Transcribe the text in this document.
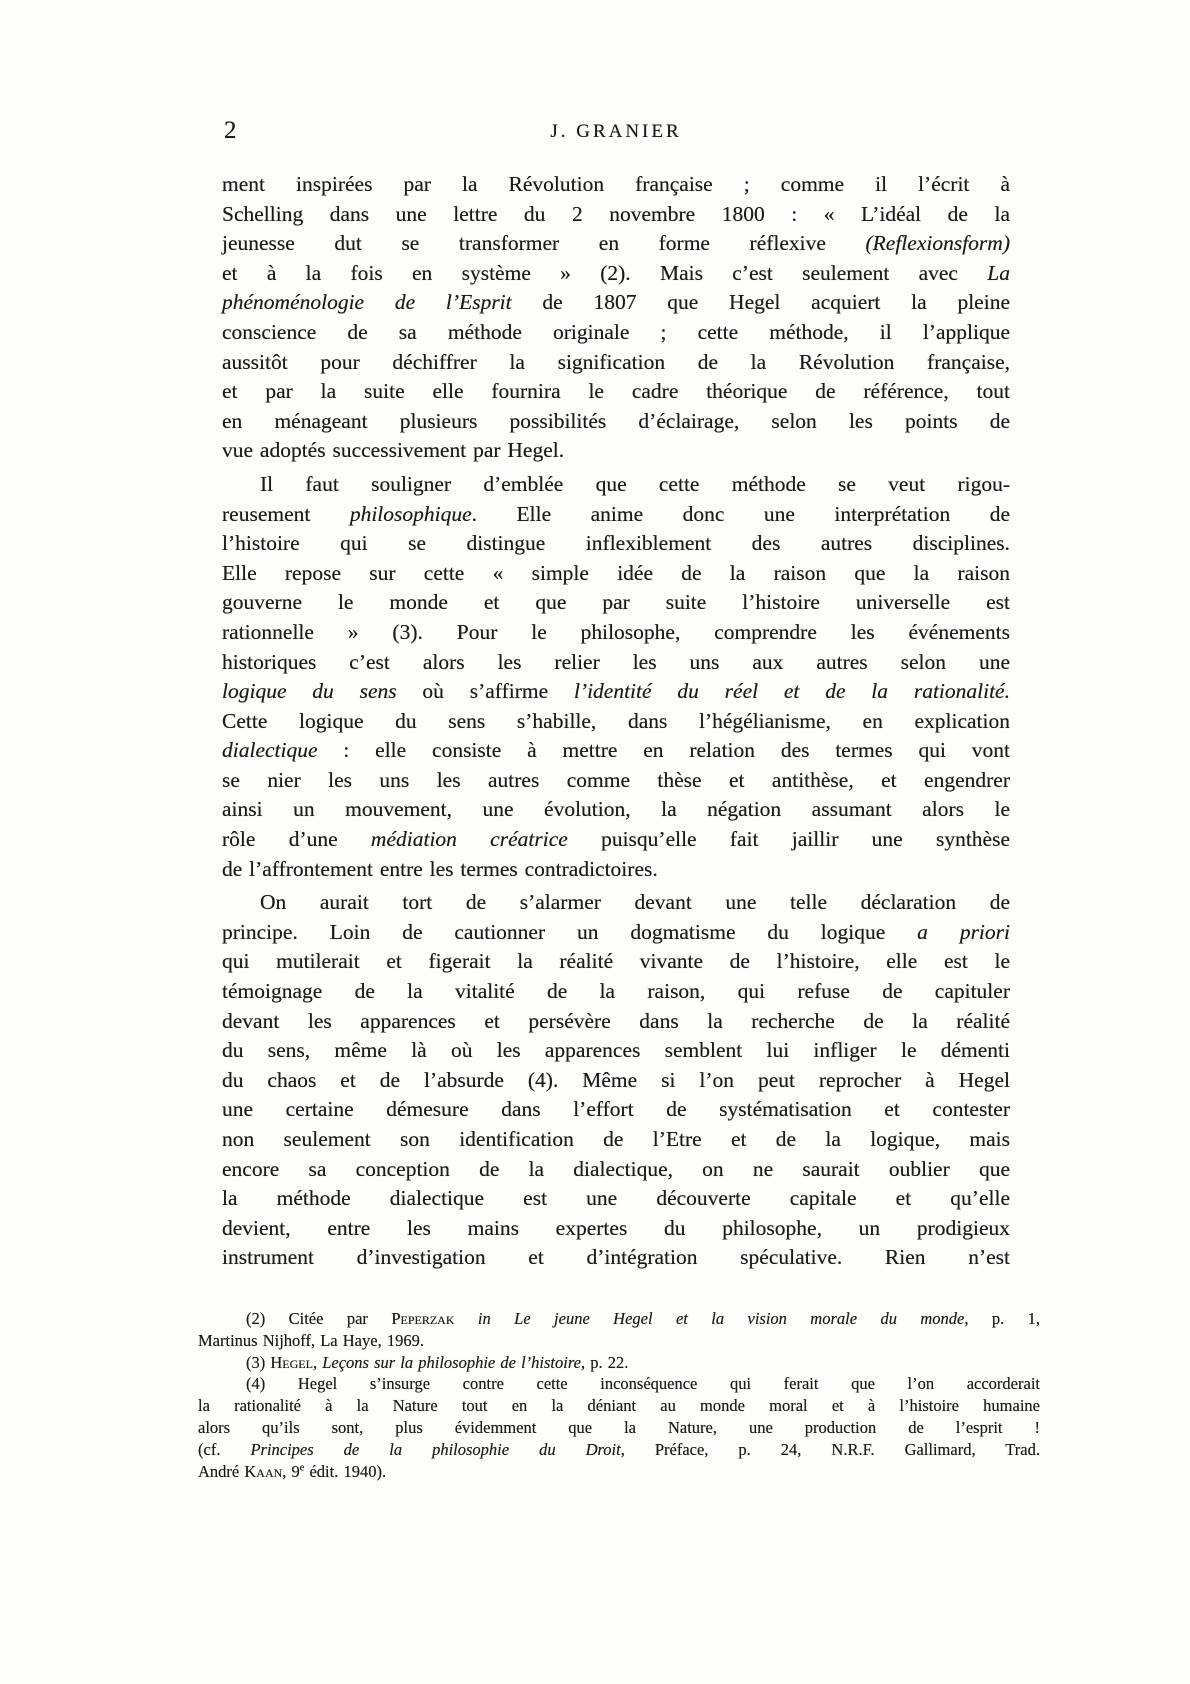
2	J. GRANIER
ment inspirées par la Révolution française ; comme il l’écrit à
Schelling dans une lettre du 2 novembre 1800 : « L’idéal de la
jeunesse dut se transformer en forme réflexive (Reflexionsform)
et à la fois en système » (2). Mais c’est seulement avec La
phénoménologie de l’Esprit de 1807 que Hegel acquiert la pleine
conscience de sa méthode originale ; cette méthode, il l’applique
aussitôt pour déchiffrer la signification de la Révolution française,
et par la suite elle fournira le cadre théorique de référence, tout
en ménageant plusieurs possibilités d’éclairage, selon les points de
vue adoptés successivement par Hegel.
Il faut souligner d’emblée que cette méthode se veut rigou-
reusement philosophique. Elle anime donc une interprétation de
l’histoire qui se distingue inflexiblement des autres disciplines.
Elle repose sur cette « simple idée de la raison que la raison
gouverne le monde et que par suite l’histoire universelle est
rationnelle » (3). Pour le philosophe, comprendre les événements
historiques c’est alors les relier les uns aux autres selon une
logique du sens où s’affirme l’identité du réel et de la rationalité.
Cette logique du sens s’habille, dans l’hégélianisme, en explication
dialectique : elle consiste à mettre en relation des termes qui vont
se nier les uns les autres comme thèse et antithèse, et engendrer
ainsi un mouvement, une évolution, la négation assumant alors le
rôle d’une médiation créatrice puisqu’elle fait jaillir une synthèse
de l’affrontement entre les termes contradictoires.
On aurait tort de s’alarmer devant une telle déclaration de
principe. Loin de cautionner un dogmatisme du logique a priori
qui mutilerait et figerait la réalité vivante de l’histoire, elle est le
témoignage de la vitalité de la raison, qui refuse de capituler
devant les apparences et persévère dans la recherche de la réalité
du sens, même là où les apparences semblent lui infliger le démenti
du chaos et de l’absurde (4). Même si l’on peut reprocher à Hegel
une certaine démesure dans l’effort de systématisation et contester
non seulement son identification de l’Etre et de la logique, mais
encore sa conception de la dialectique, on ne saurait oublier que
la méthode dialectique est une découverte capitale et qu’elle
devient, entre les mains expertes du philosophe, un prodigieux
instrument d’investigation et d’intégration spéculative. Rien n’est
(2) Citée par Peperzak in Le jeune Hegel et la vision morale du monde, p. 1,
Martinus Nijhoff, La Haye, 1969.
(3) Hegel, Leçons sur la philosophie de l’histoire, p. 22.
(4) Hegel s’insurge contre cette inconséquence qui ferait que l’on accorderait
la rationalité à la Nature tout en la déniant au monde moral et à l’histoire humaine
alors qu’ils sont, plus évidemment que la Nature, une production de l’esprit !
(cf. Principes de la philosophie du Droit, Préface, p. 24, N.R.F. Gallimard, Trad.
André Kaan, 9e édit. 1940).
